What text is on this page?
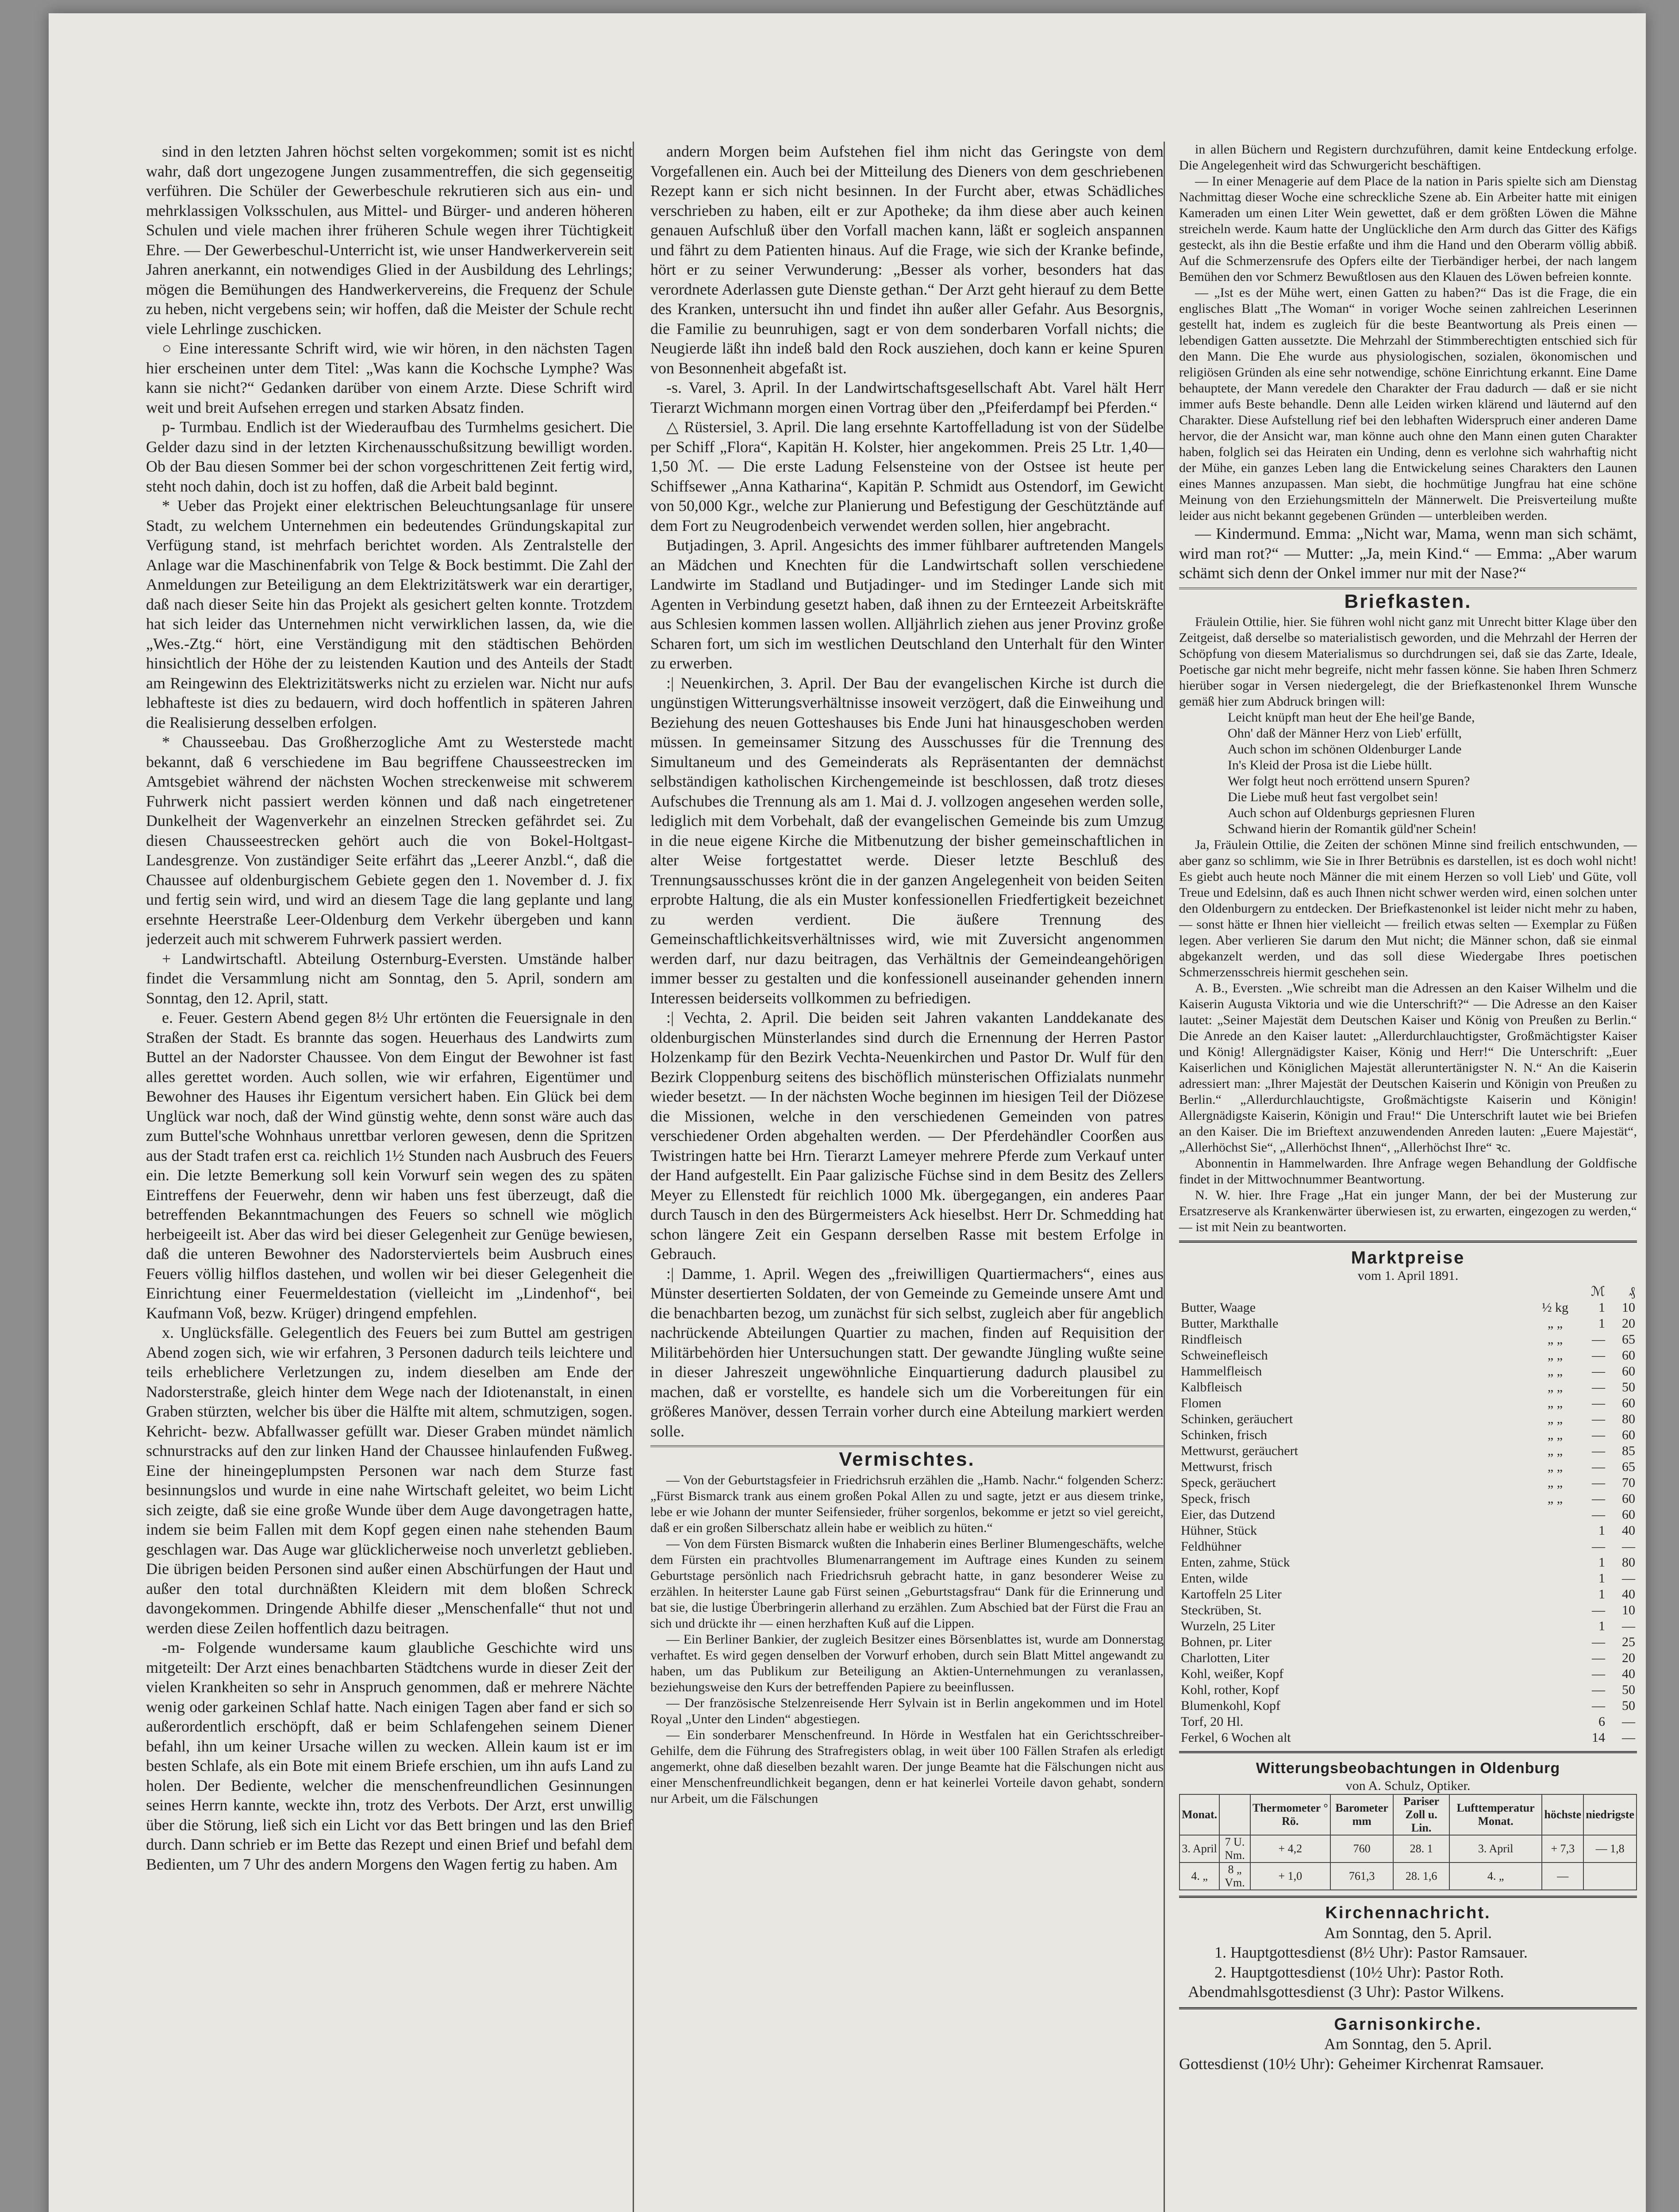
sind in den letzten Jahren höchst selten vorgekommen; somit ist es nicht wahr, daß dort ungezogene Jungen zusammentreffen, die sich gegenseitig verführen. Die Schüler der Gewerbeschule rekrutieren sich aus ein- und mehrklassigen Volksschulen, aus Mittel- und Bürger- und anderen höheren Schulen und viele machen ihrer früheren Schule wegen ihrer Tüchtigkeit Ehre. — Der Gewerbeschul-Unterricht ist, wie unser Handwerkerverein seit Jahren anerkannt, ein notwendiges Glied in der Ausbildung des Lehrlings; mögen die Bemühungen des Handwerkervereins, die Frequenz der Schule zu heben, nicht vergebens sein; wir hoffen, daß die Meister der Schule recht viele Lehrlinge zuschicken.

○ Eine interessante Schrift wird, wie wir hören, in den nächsten Tagen hier erscheinen unter dem Titel: „Was kann die Kochsche Lymphe? Was kann sie nicht?“ Gedanken darüber von einem Arzte. Diese Schrift wird weit und breit Aufsehen erregen und starken Absatz finden.

p- Turmbau. Endlich ist der Wiederaufbau des Turmhelms gesichert. Die Gelder dazu sind in der letzten Kirchenausschußsitzung bewilligt worden. Ob der Bau diesen Sommer bei der schon vorgeschrittenen Zeit fertig wird, steht noch dahin, doch ist zu hoffen, daß die Arbeit bald beginnt.

* Ueber das Projekt einer elektrischen Beleuchtungsanlage für unsere Stadt, zu welchem Unternehmen ein bedeutendes Gründungskapital zur Verfügung stand, ist mehrfach berichtet worden. Als Zentralstelle der Anlage war die Maschinenfabrik von Telge & Bock bestimmt. Die Zahl der Anmeldungen zur Beteiligung an dem Elektrizitätswerk war ein derartiger, daß nach dieser Seite hin das Projekt als gesichert gelten konnte. Trotzdem hat sich leider das Unternehmen nicht verwirklichen lassen, da, wie die „Wes.-Ztg.“ hört, eine Verständigung mit den städtischen Behörden hinsichtlich der Höhe der zu leistenden Kaution und des Anteils der Stadt am Reingewinn des Elektrizitätswerks nicht zu erzielen war. Nicht nur aufs lebhafteste ist dies zu bedauern, wird doch hoffentlich in späteren Jahren die Realisierung desselben erfolgen.

* Chausseebau. Das Großherzogliche Amt zu Westerstede macht bekannt, daß 6 verschiedene im Bau begriffene Chausseestrecken im Amtsgebiet während der nächsten Wochen streckenweise mit schwerem Fuhrwerk nicht passiert werden können und daß nach eingetretener Dunkelheit der Wagenverkehr an einzelnen Strecken gefährdet sei. Zu diesen Chausseestrecken gehört auch die von Bokel-Holtgast-Landesgrenze. Von zuständiger Seite erfährt das „Leerer Anzbl.“, daß die Chaussee auf oldenburgischem Gebiete gegen den 1. November d. J. fix und fertig sein wird, und wird an diesem Tage die lang geplante und lang ersehnte Heerstraße Leer-Oldenburg dem Verkehr übergeben und kann jederzeit auch mit schwerem Fuhrwerk passiert werden.

+ Landwirtschaftl. Abteilung Osternburg-Eversten. Umstände halber findet die Versammlung nicht am Sonntag, den 5. April, sondern am Sonntag, den 12. April, statt.

e. Feuer. Gestern Abend gegen 8½ Uhr ertönten die Feuersignale in den Straßen der Stadt. Es brannte das sogen. Heuerhaus des Landwirts zum Buttel an der Nadorster Chaussee. Von dem Eingut der Bewohner ist fast alles gerettet worden. Auch sollen, wie wir erfahren, Eigentümer und Bewohner des Hauses ihr Eigentum versichert haben. Ein Glück bei dem Unglück war noch, daß der Wind günstig wehte, denn sonst wäre auch das zum Buttel'sche Wohnhaus unrettbar verloren gewesen, denn die Spritzen aus der Stadt trafen erst ca. reichlich 1½ Stunden nach Ausbruch des Feuers ein. Die letzte Bemerkung soll kein Vorwurf sein wegen des zu späten Eintreffens der Feuerwehr, denn wir haben uns fest überzeugt, daß die betreffenden Bekanntmachungen des Feuers so schnell wie möglich herbeigeeilt ist. Aber das wird bei dieser Gelegenheit zur Genüge bewiesen, daß die unteren Bewohner des Nadorsterviertels beim Ausbruch eines Feuers völlig hilflos dastehen, und wollen wir bei dieser Gelegenheit die Einrichtung einer Feuermeldestation (vielleicht im „Lindenhof“, bei Kaufmann Voß, bezw. Krüger) dringend empfehlen.

x. Unglücksfälle. Gelegentlich des Feuers bei zum Buttel am gestrigen Abend zogen sich, wie wir erfahren, 3 Personen dadurch teils leichtere und teils erheblichere Verletzungen zu, indem dieselben am Ende der Nadorsterstraße, gleich hinter dem Wege nach der Idiotenanstalt, in einen Graben stürzten, welcher bis über die Hälfte mit altem, schmutzigen, sogen. Kehricht- bezw. Abfallwasser gefüllt war. Dieser Graben mündet nämlich schnurstracks auf den zur linken Hand der Chaussee hinlaufenden Fußweg. Eine der hineingeplumpsten Personen war nach dem Sturze fast besinnungslos und wurde in eine nahe Wirtschaft geleitet, wo beim Licht sich zeigte, daß sie eine große Wunde über dem Auge davongetragen hatte, indem sie beim Fallen mit dem Kopf gegen einen nahe stehenden Baum geschlagen war. Das Auge war glücklicherweise noch unverletzt geblieben. Die übrigen beiden Personen sind außer einen Abschürfungen der Haut und außer den total durchnäßten Kleidern mit dem bloßen Schreck davongekommen. Dringende Abhilfe dieser „Menschenfalle“ thut not und werden diese Zeilen hoffentlich dazu beitragen.

-m- Folgende wundersame kaum glaubliche Geschichte wird uns mitgeteilt: Der Arzt eines benachbarten Städtchens wurde in dieser Zeit der vielen Krankheiten so sehr in Anspruch genommen, daß er mehrere Nächte wenig oder garkeinen Schlaf hatte. Nach einigen Tagen aber fand er sich so außerordentlich erschöpft, daß er beim Schlafengehen seinem Diener befahl, ihn um keiner Ursache willen zu wecken. Allein kaum ist er im besten Schlafe, als ein Bote mit einem Briefe erschien, um ihn aufs Land zu holen. Der Bediente, welcher die menschenfreundlichen Gesinnungen seines Herrn kannte, weckte ihn, trotz des Verbots. Der Arzt, erst unwillig über die Störung, ließ sich ein Licht vor das Bett bringen und las den Brief durch. Dann schrieb er im Bette das Rezept und einen Brief und befahl dem Bedienten, um 7 Uhr des andern Morgens den Wagen fertig zu haben. Am

andern Morgen beim Aufstehen fiel ihm nicht das Geringste von dem Vorgefallenen ein. Auch bei der Mitteilung des Dieners von dem geschriebenen Rezept kann er sich nicht besinnen. In der Furcht aber, etwas Schädliches verschrieben zu haben, eilt er zur Apotheke; da ihm diese aber auch keinen genauen Aufschluß über den Vorfall machen kann, läßt er sogleich anspannen und fährt zu dem Patienten hinaus. Auf die Frage, wie sich der Kranke befinde, hört er zu seiner Verwunderung: „Besser als vorher, besonders hat das verordnete Aderlassen gute Dienste gethan.“ Der Arzt geht hierauf zu dem Bette des Kranken, untersucht ihn und findet ihn außer aller Gefahr. Aus Besorgnis, die Familie zu beunruhigen, sagt er von dem sonderbaren Vorfall nichts; die Neugierde läßt ihn indeß bald den Rock ausziehen, doch kann er keine Spuren von Besonnenheit abgefaßt ist.

-s. Varel, 3. April. In der Landwirtschaftsgesellschaft Abt. Varel hält Herr Tierarzt Wichmann morgen einen Vortrag über den „Pfeiferdampf bei Pferden.“

△ Rüstersiel, 3. April. Die lang ersehnte Kartoffelladung ist von der Südelbe per Schiff „Flora“, Kapitän H. Kolster, hier angekommen. Preis 25 Ltr. 1,40—1,50 ℳ. — Die erste Ladung Felsensteine von der Ostsee ist heute per Schiffsewer „Anna Katharina“, Kapitän P. Schmidt aus Ostendorf, im Gewicht von 50,000 Kgr., welche zur Planierung und Befestigung der Geschütztände auf dem Fort zu Neugrodenbeich verwendet werden sollen, hier angebracht.

Butjadingen, 3. April. Angesichts des immer fühlbarer auftretenden Mangels an Mädchen und Knechten für die Landwirtschaft sollen verschiedene Landwirte im Stadland und Butjadinger- und im Stedinger Lande sich mit Agenten in Verbindung gesetzt haben, daß ihnen zu der Ernteezeit Arbeitskräfte aus Schlesien kommen lassen wollen. Alljährlich ziehen aus jener Provinz große Scharen fort, um sich im westlichen Deutschland den Unterhalt für den Winter zu erwerben.

:| Neuenkirchen, 3. April. Der Bau der evangelischen Kirche ist durch die ungünstigen Witterungsverhältnisse insoweit verzögert, daß die Einweihung und Beziehung des neuen Gotteshauses bis Ende Juni hat hinausgeschoben werden müssen. In gemeinsamer Sitzung des Ausschusses für die Trennung des Simultaneum und des Gemeinderats als Repräsentanten der demnächst selbständigen katholischen Kirchengemeinde ist beschlossen, daß trotz dieses Aufschubes die Trennung als am 1. Mai d. J. vollzogen angesehen werden solle, lediglich mit dem Vorbehalt, daß der evangelischen Gemeinde bis zum Umzug in die neue eigene Kirche die Mitbenutzung der bisher gemeinschaftlichen in alter Weise fortgestattet werde. Dieser letzte Beschluß des Trennungsausschusses krönt die in der ganzen Angelegenheit von beiden Seiten erprobte Haltung, die als ein Muster konfessionellen Friedfertigkeit bezeichnet zu werden verdient. Die äußere Trennung des Gemeinschaftlichkeitsverhältnisses wird, wie mit Zuversicht angenommen werden darf, nur dazu beitragen, das Verhältnis der Gemeindeangehörigen immer besser zu gestalten und die konfessionell auseinander gehenden innern Interessen beiderseits vollkommen zu befriedigen.

:| Vechta, 2. April. Die beiden seit Jahren vakanten Landdekanate des oldenburgischen Münsterlandes sind durch die Ernennung der Herren Pastor Holzenkamp für den Bezirk Vechta-Neuenkirchen und Pastor Dr. Wulf für den Bezirk Cloppenburg seitens des bischöflich münsterischen Offizialats nunmehr wieder besetzt. — In der nächsten Woche beginnen im hiesigen Teil der Diözese die Missionen, welche in den verschiedenen Gemeinden von patres verschiedener Orden abgehalten werden. — Der Pferdehändler Coorßen aus Twistringen hatte bei Hrn. Tierarzt Lameyer mehrere Pferde zum Verkauf unter der Hand aufgestellt. Ein Paar galizische Füchse sind in dem Besitz des Zellers Meyer zu Ellenstedt für reichlich 1000 Mk. übergegangen, ein anderes Paar durch Tausch in den des Bürgermeisters Ack hieselbst. Herr Dr. Schmedding hat schon längere Zeit ein Gespann derselben Rasse mit bestem Erfolge in Gebrauch.

:| Damme, 1. April. Wegen des „freiwilligen Quartiermachers“, eines aus Münster desertierten Soldaten, der von Gemeinde zu Gemeinde unsere Amt und die benachbarten bezog, um zunächst für sich selbst, zugleich aber für angeblich nachrückende Abteilungen Quartier zu machen, finden auf Requisition der Militärbehörden hier Untersuchungen statt. Der gewandte Jüngling wußte seine in dieser Jahreszeit ungewöhnliche Einquartierung dadurch plausibel zu machen, daß er vorstellte, es handele sich um die Vorbereitungen für ein größeres Manöver, dessen Terrain vorher durch eine Abteilung markiert werden solle.

Vermischtes.

— Von der Geburtstagsfeier in Friedrichsruh erzählen die „Hamb. Nachr.“ folgenden Scherz: „Fürst Bismarck trank aus einem großen Pokal Allen zu und sagte, jetzt er aus diesem trinke, lebe er wie Johann der munter Seifensieder, früher sorgenlos, bekomme er jetzt so viel gereicht, daß er ein großen Silberschatz allein habe er weiblich zu hüten.“

— Von dem Fürsten Bismarck wußten die Inhaberin eines Berliner Blumengeschäfts, welche dem Fürsten ein prachtvolles Blumenarrangement im Auftrage eines Kunden zu seinem Geburtstage persönlich nach Friedrichsruh gebracht hatte, in ganz besonderer Weise zu erzählen. In heiterster Laune gab Fürst seinen „Geburtstagsfrau“ Dank für die Erinnerung und bat sie, die lustige Überbringerin allerhand zu erzählen. Zum Abschied bat der Fürst die Frau an sich und drückte ihr — einen herzhaften Kuß auf die Lippen.

— Ein Berliner Bankier, der zugleich Besitzer eines Börsenblattes ist, wurde am Donnerstag verhaftet. Es wird gegen denselben der Vorwurf erhoben, durch sein Blatt Mittel angewandt zu haben, um das Publikum zur Beteiligung an Aktien-Unternehmungen zu veranlassen, beziehungsweise den Kurs der betreffenden Papiere zu beeinflussen.

— Der französische Stelzenreisende Herr Sylvain ist in Berlin angekommen und im Hotel Royal „Unter den Linden“ abgestiegen.

— Ein sonderbarer Menschenfreund. In Hörde in Westfalen hat ein Gerichtsschreiber-Gehilfe, dem die Führung des Strafregisters oblag, in weit über 100 Fällen Strafen als erledigt angemerkt, ohne daß dieselben bezahlt waren. Der junge Beamte hat die Fälschungen nicht aus einer Menschenfreundlichkeit begangen, denn er hat keinerlei Vorteile davon gehabt, sondern nur Arbeit, um die Fälschungen

in allen Büchern und Registern durchzuführen, damit keine Entdeckung erfolge. Die Angelegenheit wird das Schwurgericht beschäftigen.

— In einer Menagerie auf dem Place de la nation in Paris spielte sich am Dienstag Nachmittag dieser Woche eine schreckliche Szene ab. Ein Arbeiter hatte mit einigen Kameraden um einen Liter Wein gewettet, daß er dem größten Löwen die Mähne streicheln werde. Kaum hatte der Unglückliche den Arm durch das Gitter des Käfigs gesteckt, als ihn die Bestie erfaßte und ihm die Hand und den Oberarm völlig abbiß. Auf die Schmerzensrufe des Opfers eilte der Tierbändiger herbei, der nach langem Bemühen den vor Schmerz Bewußtlosen aus den Klauen des Löwen befreien konnte.

— „Ist es der Mühe wert, einen Gatten zu haben?“ Das ist die Frage, die ein englisches Blatt „The Woman“ in voriger Woche seinen zahlreichen Leserinnen gestellt hat, indem es zugleich für die beste Beantwortung als Preis einen — lebendigen Gatten aussetzte. Die Mehrzahl der Stimmberechtigten entschied sich für den Mann. Die Ehe wurde aus physiologischen, sozialen, ökonomischen und religiösen Gründen als eine sehr notwendige, schöne Einrichtung erkannt. Eine Dame behauptete, der Mann veredele den Charakter der Frau dadurch — daß er sie nicht immer aufs Beste behandle. Denn alle Leiden wirken klärend und läuternd auf den Charakter. Diese Aufstellung rief bei den lebhaften Widerspruch einer anderen Dame hervor, die der Ansicht war, man könne auch ohne den Mann einen guten Charakter haben, folglich sei das Heiraten ein Unding, denn es verlohne sich wahrhaftig nicht der Mühe, ein ganzes Leben lang die Entwickelung seines Charakters den Launen eines Mannes anzupassen. Man siebt, die hochmütige Jungfrau hat eine schöne Meinung von den Erziehungsmitteln der Männerwelt. Die Preisverteilung mußte leider aus nicht bekannt gegebenen Gründen — unterbleiben werden.

— Kindermund. Emma: „Nicht war, Mama, wenn man sich schämt, wird man rot?“ — Mutter: „Ja, mein Kind.“ — Emma: „Aber warum schämt sich denn der Onkel immer nur mit der Nase?“

Briefkasten.

Fräulein Ottilie, hier. Sie führen wohl nicht ganz mit Unrecht bitter Klage über den Zeitgeist, daß derselbe so materialistisch geworden, und die Mehrzahl der Herren der Schöpfung von diesem Materialismus so durchdrungen sei, daß sie das Zarte, Ideale, Poetische gar nicht mehr begreife, nicht mehr fassen könne. Sie haben Ihren Schmerz hierüber sogar in Versen niedergelegt, die der Briefkastenonkel Ihrem Wunsche gemäß hier zum Abdruck bringen will:

Leicht knüpft man heut der Ehe heil'ge Bande,
Ohn' daß der Männer Herz von Lieb' erfüllt,
Auch schon im schönen Oldenburger Lande
In's Kleid der Prosa ist die Liebe hüllt.
Wer folgt heut noch erröttend unsern Spuren?
Die Liebe muß heut fast vergolbet sein!
Auch schon auf Oldenburgs gepriesnen Fluren
Schwand hierin der Romantik güld'ner Schein!

Ja, Fräulein Ottilie, die Zeiten der schönen Minne sind freilich entschwunden, — aber ganz so schlimm, wie Sie in Ihrer Betrübnis es darstellen, ist es doch wohl nicht! Es giebt auch heute noch Männer die mit einem Herzen so voll Lieb' und Güte, voll Treue und Edelsinn, daß es auch Ihnen nicht schwer werden wird, einen solchen unter den Oldenburgern zu entdecken. Der Briefkastenonkel ist leider nicht mehr zu haben, — sonst hätte er Ihnen hier vielleicht — freilich etwas selten — Exemplar zu Füßen legen. Aber verlieren Sie darum den Mut nicht; die Männer schon, daß sie einmal abgekanzelt werden, und das soll diese Wiedergabe Ihres poetischen Schmerzensschreis hiermit geschehen sein.

A. B., Eversten. „Wie schreibt man die Adressen an den Kaiser Wilhelm und die Kaiserin Augusta Viktoria und wie die Unterschrift?“ — Die Adresse an den Kaiser lautet: „Seiner Majestät dem Deutschen Kaiser und König von Preußen zu Berlin.“ Die Anrede an den Kaiser lautet: „Allerdurchlauchtigster, Großmächtigster Kaiser und König! Allergnädigster Kaiser, König und Herr!“ Die Unterschrift: „Euer Kaiserlichen und Königlichen Majestät alleruntertänigster N. N.“ An die Kaiserin adressiert man: „Ihrer Majestät der Deutschen Kaiserin und Königin von Preußen zu Berlin.“ „Allerdurchlauchtigste, Großmächtigste Kaiserin und Königin! Allergnädigste Kaiserin, Königin und Frau!“ Die Unterschrift lautet wie bei Briefen an den Kaiser. Die im Brieftext anzuwendenden Anreden lauten: „Euere Majestät“, „Allerhöchst Sie“, „Allerhöchst Ihnen“, „Allerhöchst Ihre“ ꝛc.

Abonnentin in Hammelwarden. Ihre Anfrage wegen Behandlung der Goldfische findet in der Mittwochnummer Beantwortung.

N. W. hier. Ihre Frage „Hat ein junger Mann, der bei der Musterung zur Ersatzreserve als Krankenwärter überwiesen ist, zu erwarten, eingezogen zu werden,“ — ist mit Nein zu beantworten.

Marktpreise
vom 1. April 1891.
		ℳ	₰
Butter, Waage	½ kg	1	10
Butter, Markthalle	„ „	1	20
Rindfleisch	„ „	—	65
Schweinefleisch	„ „	—	60
Hammelfleisch	„ „	—	60
Kalbfleisch	„ „	—	50
Flomen	„ „	—	60
Schinken, geräuchert	„ „	—	80
Schinken, frisch	„ „	—	60
Mettwurst, geräuchert	„ „	—	85
Mettwurst, frisch	„ „	—	65
Speck, geräuchert	„ „	—	70
Speck, frisch	„ „	—	60
Eier, das Dutzend		—	60
Hühner, Stück		1	40
Feldhühner		—	—
Enten, zahme, Stück		1	80
Enten, wilde		1	—
Kartoffeln 25 Liter		1	40
Steckrüben, St.		—	10
Wurzeln, 25 Liter		1	—
Bohnen, pr. Liter		—	25
Charlotten, Liter		—	20
Kohl, weißer, Kopf		—	40
Kohl, rother, Kopf		—	50
Blumenkohl, Kopf		—	50
Torf, 20 Hl.		6	—
Ferkel, 6 Wochen alt		14	—
Witterungsbeobachtungen in Oldenburg
von A. Schulz, Optiker.
Monat.		Thermometer ° Rö.	Barometer mm	Pariser Zoll u. Lin.	Lufttemperatur Monat.	höchste	niedrigste
3. April	7 U. Nm.	+ 4,2	760	28. 1	3. April	+ 7,3	— 1,8
4. „	8 „ Vm.	+ 1,0	761,3	28. 1,6	4. „	—	
Kirchennachricht.
Am Sonntag, den 5. April.
1. Hauptgottesdienst (8½ Uhr): Pastor Ramsauer.
2. Hauptgottesdienst (10½ Uhr): Pastor Roth.
Abendmahlsgottesdienst (3 Uhr): Pastor Wilkens.
Garnisonkirche.
Am Sonntag, den 5. April.
Gottesdienst (10½ Uhr): Geheimer Kirchenrat Ramsauer.
